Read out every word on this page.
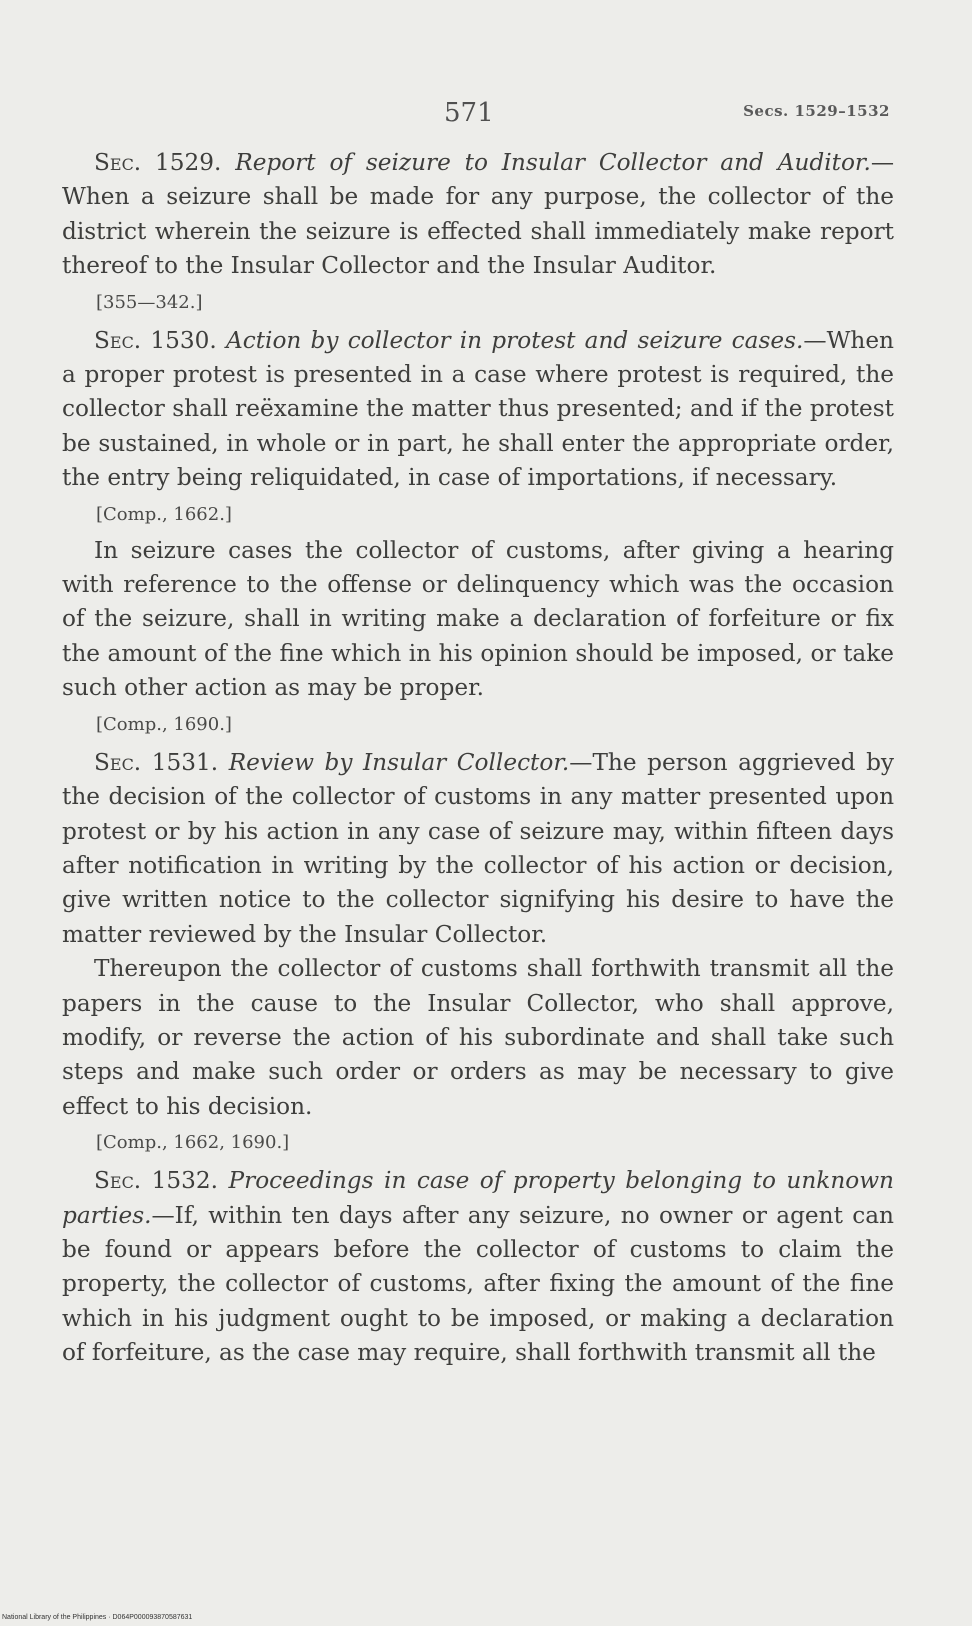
571	Secs. 1529–1532

Sec. 1529. Report of seizure to Insular Collector and Auditor.—When a seizure shall be made for any purpose, the collector of the district wherein the seizure is effected shall immediately make report thereof to the Insular Collector and the Insular Auditor.

[355—342.]

Sec. 1530. Action by collector in protest and seizure cases.—When a proper protest is presented in a case where protest is required, the collector shall reëxamine the matter thus presented; and if the protest be sustained, in whole or in part, he shall enter the appropriate order, the entry being reliquidated, in case of importations, if necessary.

[Comp., 1662.]

In seizure cases the collector of customs, after giving a hearing with reference to the offense or delinquency which was the occasion of the seizure, shall in writing make a declaration of forfeiture or fix the amount of the fine which in his opinion should be imposed, or take such other action as may be proper.

[Comp., 1690.]

Sec. 1531. Review by Insular Collector.—The person aggrieved by the decision of the collector of customs in any matter presented upon protest or by his action in any case of seizure may, within fifteen days after notification in writing by the collector of his action or decision, give written notice to the collector signifying his desire to have the matter reviewed by the Insular Collector.

Thereupon the collector of customs shall forthwith transmit all the papers in the cause to the Insular Collector, who shall approve, modify, or reverse the action of his subordinate and shall take such steps and make such order or orders as may be necessary to give effect to his decision.

[Comp., 1662, 1690.]

Sec. 1532. Proceedings in case of property belonging to unknown parties.—If, within ten days after any seizure, no owner or agent can be found or appears before the collector of customs to claim the property, the collector of customs, after fixing the amount of the fine which in his judgment ought to be imposed, or making a declaration of forfeiture, as the case may require, shall forthwith transmit all the

National Library of the Philippines · D064P000093870587631
